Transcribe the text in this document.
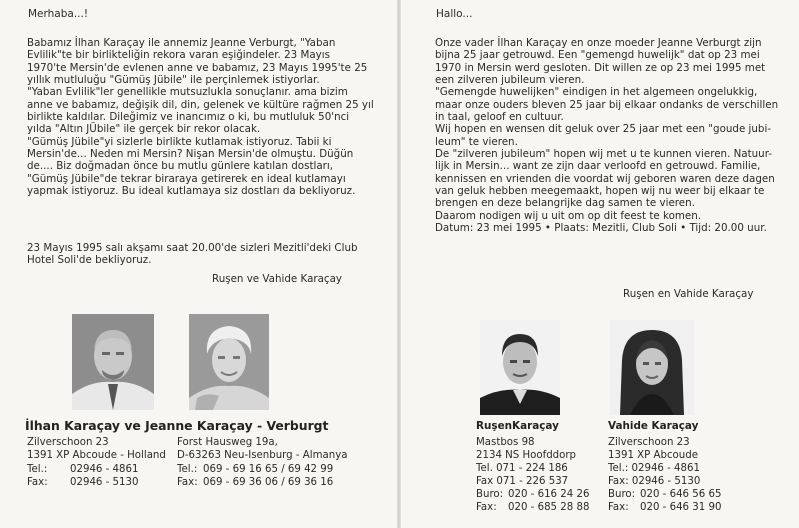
Merhaba...!

Babamız İlhan Karaçay ile annemiz Jeanne Verburgt, "Yaban

Evlilik"te bir birlikteliğin rekora varan eşiğindeler. 23 Mayıs

1970'te Mersin'de evlenen anne ve babamız, 23 Mayıs 1995'te 25

yıllık mutluluğu "Gümüş Jübile" ile perçinlemek istiyorlar.

"Yaban Evlilik"ler genellikle mutsuzlukla sonuçlanır. ama bizim

anne ve babamız, değişik dil, din, gelenek ve kültüre rağmen 25 yıl

birlikte kaldılar. Dileğimiz ve inancımız o ki, bu mutluluk 50'nci

yılda "Altın JÜbile" ile gerçek bir rekor olacak.

"Gümüş Jübile"yi sizlerle birlikte kutlamak istiyoruz. Tabii ki

Mersin'de... Neden mi Mersin? Nişan Mersin'de olmuştu. Düğün

de.... Biz doğmadan önce bu mutlu günlere katılan dostları,

"Gümüş Jübile"de tekrar biraraya getirerek en ideal kutlamayı

yapmak istiyoruz. Bu ideal kutlamaya siz dostları da bekliyoruz.

23 Mayıs 1995 salı akşamı saat 20.00'de sizleri Mezitli'deki Club

Hotel Soli'de bekliyoruz.

Ruşen ve Vahide Karaçay
İlhan Karaçay ve Jeanne Karaçay - Verburgt
Zilverschoon 23
1391 XP Abcoude - Holland
Tel.:	02946 - 4861
Fax:	02946 - 5130
Forst Hausweg 19a,
D-63263 Neu-Isenburg - Almanya
Tel.: 069 - 69 16 65 / 69 42 99
Fax: 069 - 69 36 06 / 69 36 16
Hallo...

Onze vader İlhan Karaçay en onze moeder Jeanne Verburgt zijn

bijna 25 jaar getrouwd. Een "gemengd huwelijk" dat op 23 mei

1970 in Mersin werd gesloten. Dit willen ze op 23 mei 1995 met

een zilveren jubileum vieren.

"Gemengde huwelijken" eindigen in het algemeen ongelukkig,

maar onze ouders bleven 25 jaar bij elkaar ondanks de verschillen

in taal, geloof en cultuur.

Wij hopen en wensen dit geluk over 25 jaar met een "goude jubi-

leum" te vieren.

De "zilveren jubileum" hopen wij met u te kunnen vieren. Natuur-

lijk in Mersin... want ze zijn daar verloofd en getrouwd. Familie,

kennissen en vrienden die voordat wij geboren waren deze dagen

van geluk hebben meegemaakt, hopen wij nu weer bij elkaar te

brengen en deze belangrijke dag samen te vieren.

Daarom nodigen wij u uit om op dit feest te komen.

Datum: 23 mei 1995 • Plaats: Mezitli, Club Soli • Tijd: 20.00 uur.

Ruşen en Vahide Karaçay
RuşenKaraçay
Mastbos 98
2134 NS Hoofddorp
Tel. 071 - 224 186
Fax 071 - 226 537
Buro: 020 - 616 24 26
Fax:	020 - 685 28 88
Vahide Karaçay
Zilverschoon 23
1391 XP Abcoude
Tel.: 02946 - 4861
Fax: 02946 - 5130
Buro: 020 - 646 56 65
Fax:	020 - 646 31 90
